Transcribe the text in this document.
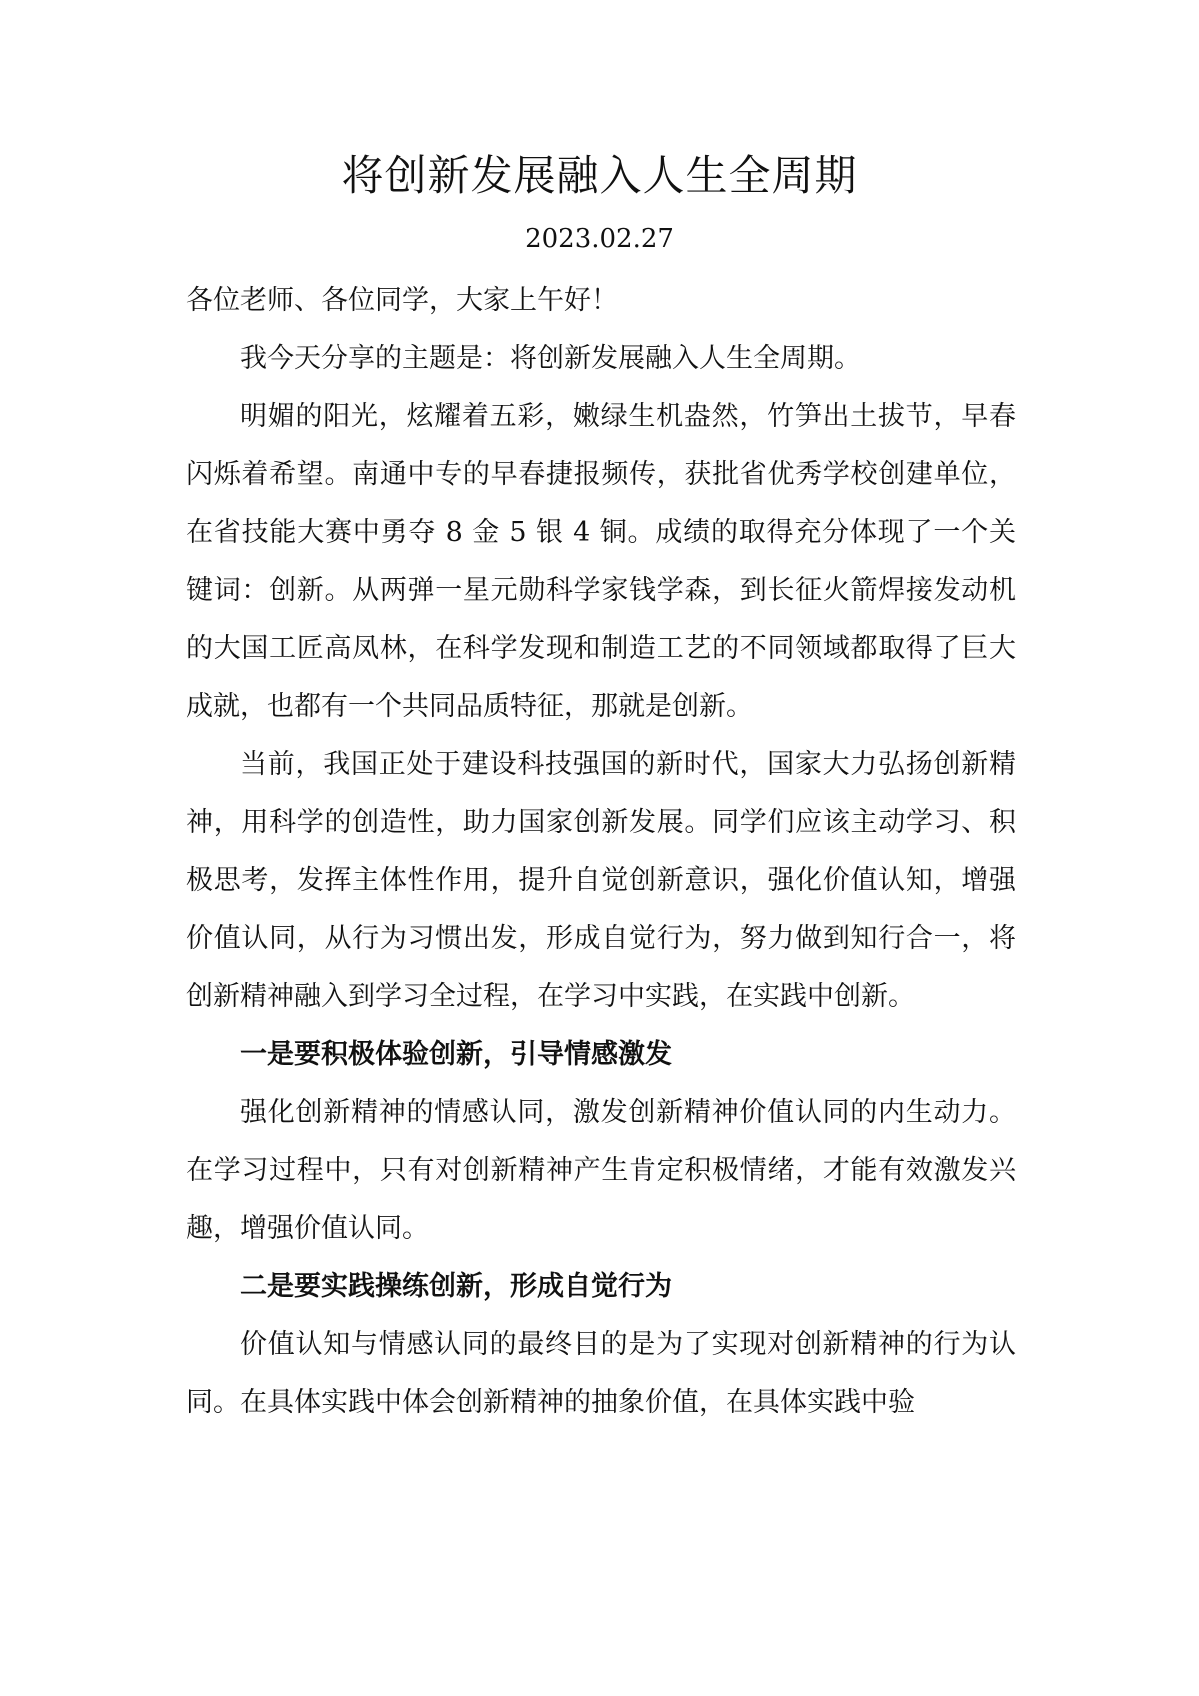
将创新发展融入人生全周期
2023.02.27

各位老师、各位同学，大家上午好！

我今天分享的主题是：将创新发展融入人生全周期。

明媚的阳光，炫耀着五彩，嫩绿生机盎然，竹笋出土拔节，早春闪烁着希望。南通中专的早春捷报频传，获批省优秀学校创建单位，在省技能大赛中勇夺 8 金 5 银 4 铜。成绩的取得充分体现了一个关键词：创新。从两弹一星元勋科学家钱学森，到长征火箭焊接发动机的大国工匠高凤林，在科学发现和制造工艺的不同领域都取得了巨大成就，也都有一个共同品质特征，那就是创新。

当前，我国正处于建设科技强国的新时代，国家大力弘扬创新精神，用科学的创造性，助力国家创新发展。同学们应该主动学习、积极思考，发挥主体性作用，提升自觉创新意识，强化价值认知，增强价值认同，从行为习惯出发，形成自觉行为，努力做到知行合一，将创新精神融入到学习全过程，在学习中实践，在实践中创新。

一是要积极体验创新，引导情感激发

强化创新精神的情感认同，激发创新精神价值认同的内生动力。在学习过程中，只有对创新精神产生肯定积极情绪，才能有效激发兴趣，增强价值认同。

二是要实践操练创新，形成自觉行为

价值认知与情感认同的最终目的是为了实现对创新精神的行为认同。在具体实践中体会创新精神的抽象价值，在具体实践中验
